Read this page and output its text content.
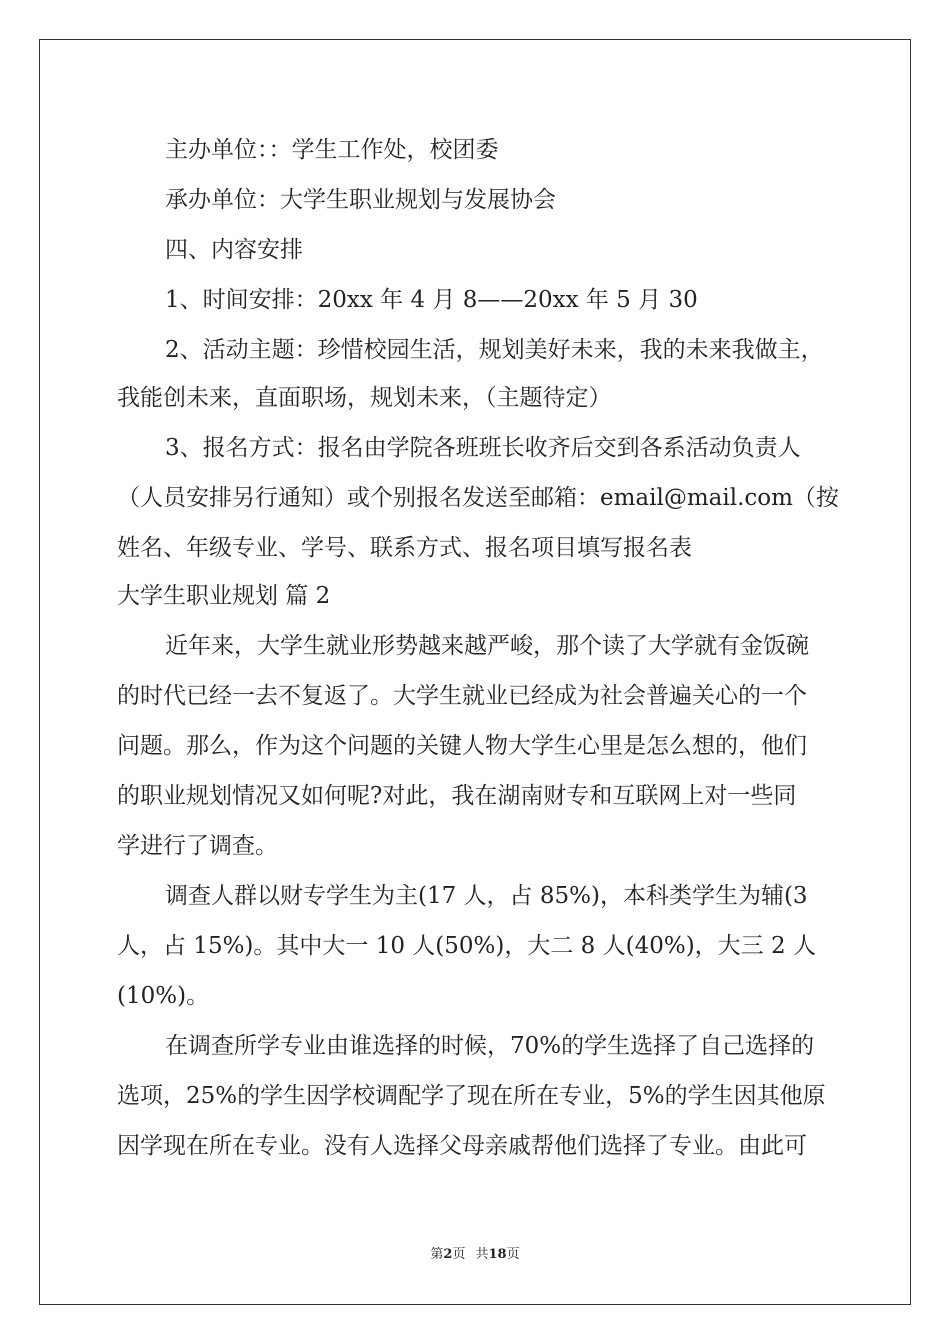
主办单位：：学生工作处，校团委
承办单位：大学生职业规划与发展协会
四、内容安排
1、时间安排：20xx 年 4 月 8——20xx 年 5 月 30
2、活动主题：珍惜校园生活，规划美好未来，我的未来我做主，
我能创未来，直面职场，规划未来，（主题待定）
3、报名方式：报名由学院各班班长收齐后交到各系活动负责人
（人员安排另行通知）或个别报名发送至邮箱：email@mail.com（按
姓名、年级专业、学号、联系方式、报名项目填写报名表
大学生职业规划 篇 2
近年来，大学生就业形势越来越严峻，那个读了大学就有金饭碗
的时代已经一去不复返了。大学生就业已经成为社会普遍关心的一个
问题。那么，作为这个问题的关键人物大学生心里是怎么想的，他们
的职业规划情况又如何呢?对此，我在湖南财专和互联网上对一些同
学进行了调查。
调查人群以财专学生为主(17 人，占 85%)，本科类学生为辅(3
人，占 15%)。其中大一 10 人(50%)，大二 8 人(40%)，大三 2 人
(10%)。
在调查所学专业由谁选择的时候，70%的学生选择了自己选择的
选项，25%的学生因学校调配学了现在所在专业，5%的学生因其他原
因学现在所在专业。没有人选择父母亲戚帮他们选择了专业。由此可
第2页 共18页
